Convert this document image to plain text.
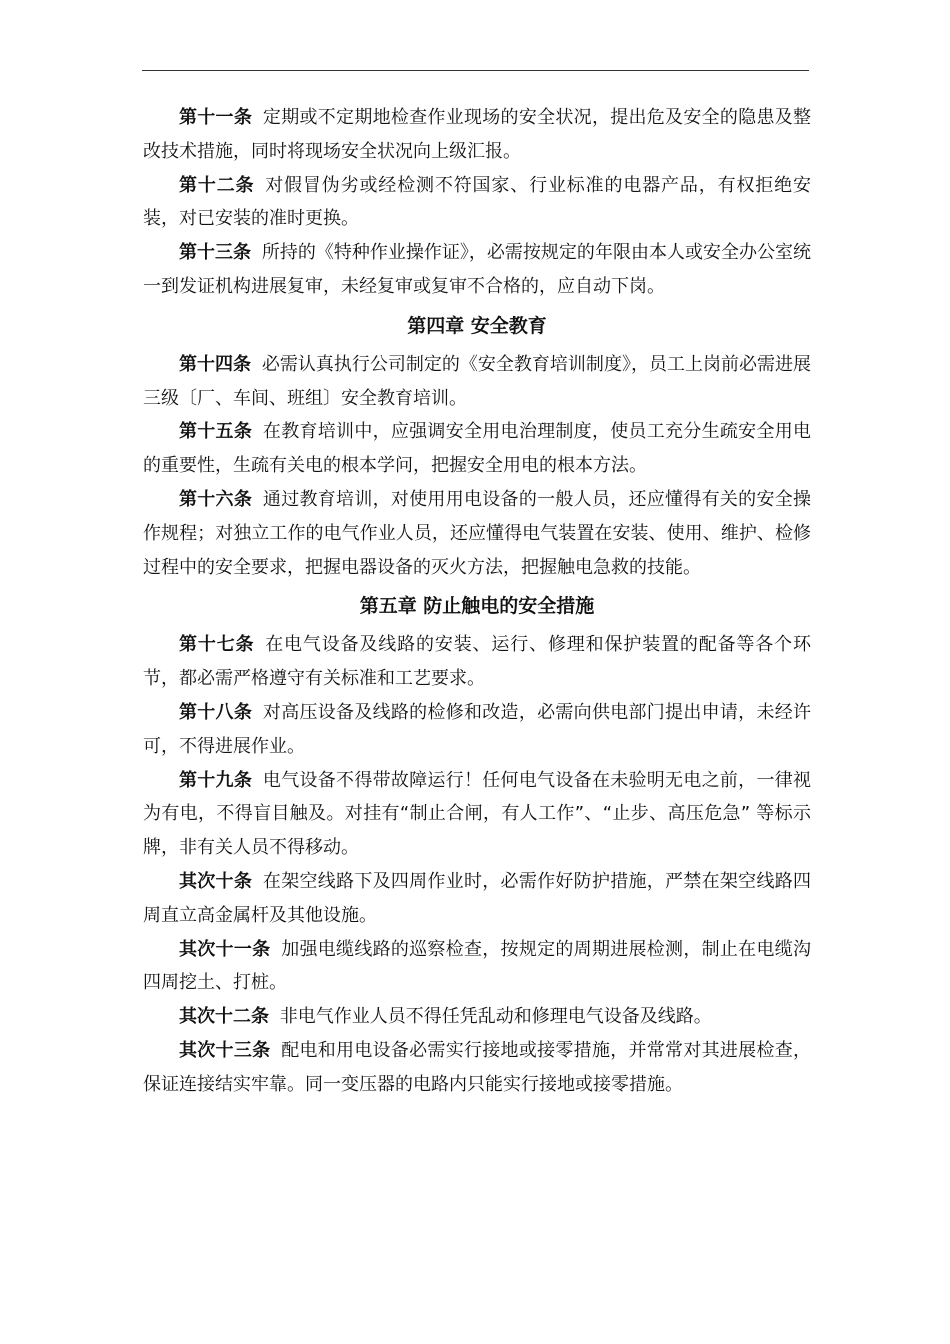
第十一条 定期或不定期地检查作业现场的安全状况，提出危及安全的隐患及整改技术措施，同时将现场安全状况向上级汇报。

第十二条 对假冒伪劣或经检测不符国家、行业标准的电器产品，有权拒绝安装，对已安装的准时更换。

第十三条 所持的《特种作业操作证》，必需按规定的年限由本人或安全办公室统一到发证机构进展复审，未经复审或复审不合格的，应自动下岗。

第四章 安全教育

第十四条 必需认真执行公司制定的《安全教育培训制度》，员工上岗前必需进展三级〔厂、车间、班组〕安全教育培训。

第十五条 在教育培训中，应强调安全用电治理制度，使员工充分生疏安全用电的重要性，生疏有关电的根本学问，把握安全用电的根本方法。

第十六条 通过教育培训，对使用用电设备的一般人员，还应懂得有关的安全操作规程；对独立工作的电气作业人员，还应懂得电气装置在安装、使用、维护、检修过程中的安全要求，把握电器设备的灭火方法，把握触电急救的技能。

第五章 防止触电的安全措施

第十七条 在电气设备及线路的安装、运行、修理和保护装置的配备等各个环节，都必需严格遵守有关标准和工艺要求。

第十八条 对高压设备及线路的检修和改造，必需向供电部门提出申请，未经许可，不得进展作业。

第十九条 电气设备不得带故障运行！任何电气设备在未验明无电之前，一律视为有电，不得盲目触及。对挂有“制止合闸，有人工作”、“止步、高压危急” 等标示牌，非有关人员不得移动。

其次十条 在架空线路下及四周作业时，必需作好防护措施，严禁在架空线路四周直立高金属杆及其他设施。

其次十一条 加强电缆线路的巡察检查，按规定的周期进展检测，制止在电缆沟四周挖土、打桩。

其次十二条 非电气作业人员不得任凭乱动和修理电气设备及线路。

其次十三条 配电和用电设备必需实行接地或接零措施，并常常对其进展检查，保证连接结实牢靠。同一变压器的电路内只能实行接地或接零措施。
